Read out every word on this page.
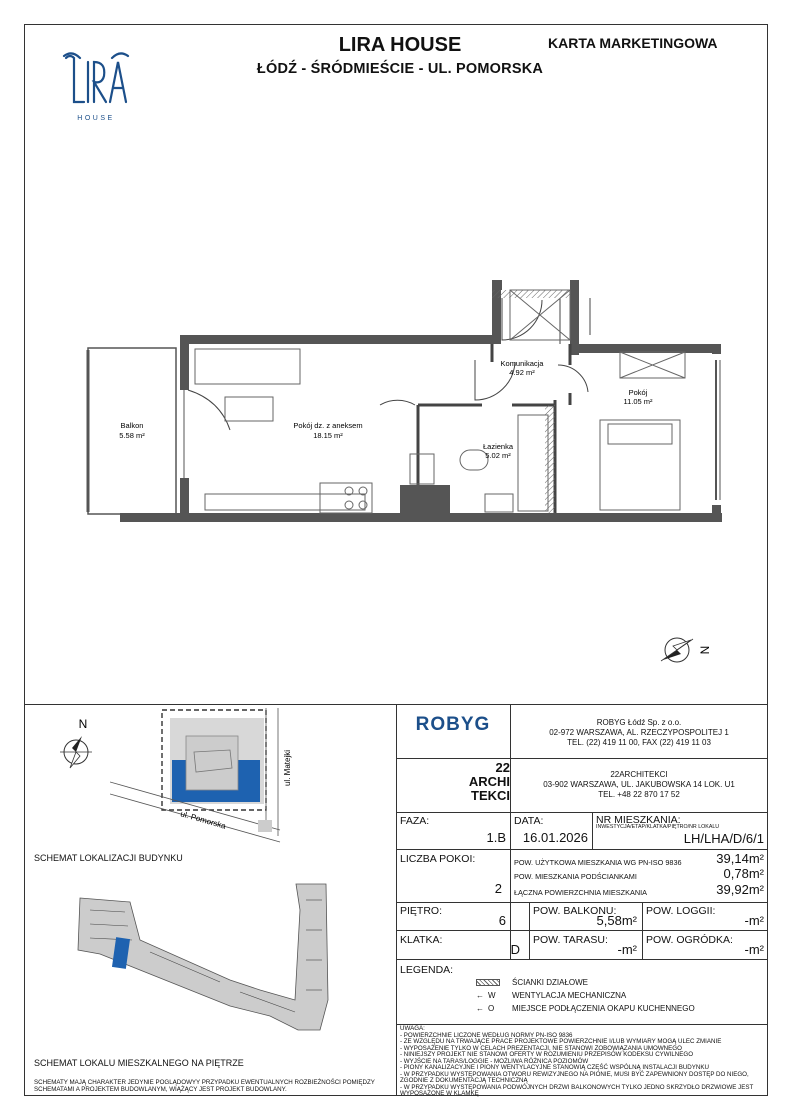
LIRA HOUSE
ŁÓDŹ - ŚRÓDMIEŚCIE - UL. POMORSKA
KARTA MARKETINGOWA
HOUSE
Balkon
5.58 m²
Pokój dz. z aneksem
18.15 m²
Komunikacja
4.92 m²
Łazienka
5.02 m²
Pokój
11.05 m²
N
N
ul. Pomorska
ul. Matejki
SCHEMAT LOKALIZACJI BUDYNKU
SCHEMAT LOKALU MIESZKALNEGO NA PIĘTRZE
SCHEMATY MAJĄ CHARAKTER JEDYNIE POGLĄDOWYY PRZYPADKU EWENTUALNYCH ROZBIEŻNOŚCI POMIĘDZY SCHEMATAMI A PROJEKTEM BUDOWLANYM, WIĄŻĄCY JEST PROJEKT BUDOWLANY.
ROBYG	ROBYG Łódź Sp. z o.o.
02-972 WARSZAWA, AL. RZECZYPOSPOLITEJ 1
TEL. (22) 419 11 00, FAX (22) 419 11 03
22
ARCHI
TEKCI
22ARCHITEKCI
03-902 WARSZAWA, UL. JAKUBOWSKA 14 LOK. U1
TEL. +48 22 870 17 52
FAZA:
1.B
DATA:
16.01.2026
NR MIESZKANIA:
INWESTYCJA/ETAP/KLATKA/PIĘTRO/NR LOKALU
LH/LHA/D/6/1
LICZBA POKOI:
2
POW. UŻYTKOWA MIESZKANIA WG PN-ISO 9836	39,14m²
POW. MIESZKANIA PODŚCIANKAMI	0,78m²
ŁĄCZNA POWIERZCHNIA MIESZKANIA	39,92m²
PIĘTRO:
6
POW. BALKONU:
5,58m²
POW. LOGGII:
-m²
KLATKA:
D
POW. TARASU:
-m²
POW. OGRÓDKA:
-m²
LEGENDA:
ŚCIANKI DZIAŁOWE
← W WENTYLACJA MECHANICZNA
← O MIEJSCE PODŁĄCZENIA OKAPU KUCHENNEGO
UWAGA:
- POWIERZCHNIE LICZONE WEDŁUG NORMY PN-ISO 9836
- ZE WZGLĘDU NA TRWAJĄCE PRACE PROJEKTOWE POWIERZCHNIE I/LUB WYMIARY MOGĄ ULEC ZMIANIE
- WYPOSAŻENIE TYLKO W CELACH PREZENTACJI, NIE STANOWI ZOBOWIĄZANIA UMOWNEGO
- NINIEJSZY PROJEKT NIE STANOWI OFERTY W ROZUMIENIU PRZEPISÓW KODEKSU CYWILNEGO
- WYJŚCIE NA TARAS/LOGGIE - MOŻLIWA RÓŻNICA POZIOMÓW
- PIONY KANALIZACYJNE I PIONY WENTYLACYJNE STANOWIĄ CZĘŚĆ WSPÓLNĄ INSTALACJI BUDYNKU
- W PRZYPADKU WYSTĘPOWANIA OTWORU REWIZYJNEGO NA PIONIE, MUSI BYĆ ZAPEWNIONY DOSTĘP DO NIEGO, ZGODNIE Z DOKUMENTACJĄ TECHNICZNĄ
- W PRZYPADKU WYSTĘPOWANIA PODWÓJNYCH DRZWI BALKONOWYCH TYLKO JEDNO SKRZYDŁO DRZWIOWE JEST WYPOSAŻONE W KLAMKĘ
